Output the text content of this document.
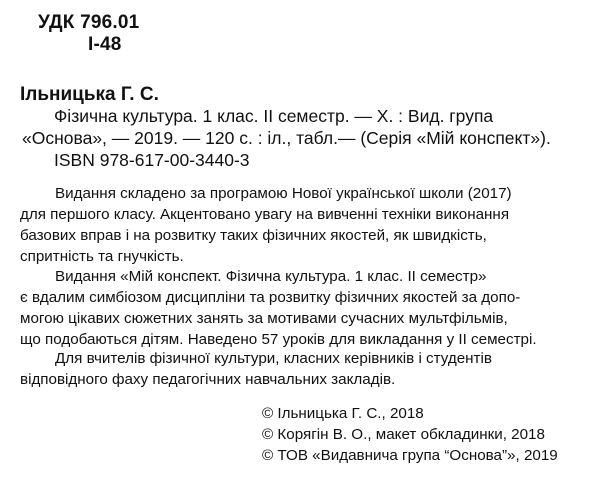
УДК 796.01
І-48
Ільницька Г. С.
Фізична культура. 1 клас. ІІ семестр. — Х. : Вид. група
«Основа», — 2019. — 120 с. : іл., табл.— (Серія «Мій конспект»).
ISBN 978-617-00-3440-3
Видання складено за програмою Нової української школи (2017)
для першого класу. Акцентовано увагу на вивченні техніки виконання
базових вправ і на розвитку таких фізичних якостей, як швидкість,
спритність та гнучкість.
Видання «Мій конспект. Фізична культура. 1 клас. ІІ семестр»
є вдалим симбіозом дисципліни та розвитку фізичних якостей за допо-
могою цікавих сюжетних занять за мотивами сучасних мультфільмів,
що подобаються дітям. Наведено 57 уроків для викладання у ІІ семестрі.
Для вчителів фізичної культури, класних керівників і студентів
відповідного фаху педагогічних навчальних закладів.
© Ільницька Г. С., 2018
© Корягін В. О., макет обкладинки, 2018
© ТОВ «Видавнича група “Основа”», 2019
